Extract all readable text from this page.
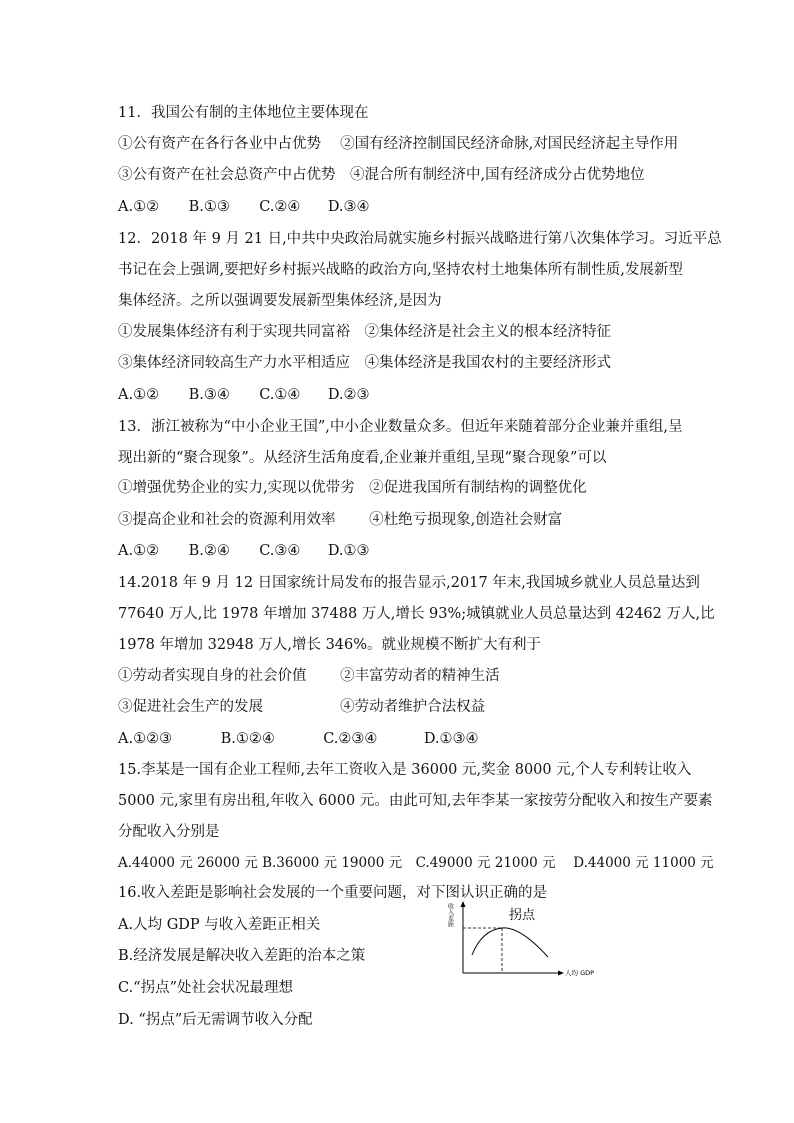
11．我国公有制的主体地位主要体现在
①公有资产在各行各业中占优势　 ②国有经济控制国民经济命脉,对国民经济起主导作用
③公有资产在社会总资产中占优势　④混合所有制经济中,国有经济成分占优势地位
A.①② B.①③ C.②④ D.③④
12．2018 年 9 月 21 日,中共中央政治局就实施乡村振兴战略进行第八次集体学习。习近平总
书记在会上强调,要把好乡村振兴战略的政治方向,坚持农村土地集体所有制性质,发展新型
集体经济。之所以强调要发展新型集体经济,是因为
①发展集体经济有利于实现共同富裕　②集体经济是社会主义的根本经济特征
③集体经济同较高生产力水平相适应　④集体经济是我国农村的主要经济形式
A.①② B.③④ C.①④ D.②③
13．浙江被称为“中小企业王国”,中小企业数量众多。但近年来随着部分企业兼并重组,呈
现出新的“聚合现象”。从经济生活角度看,企业兼并重组,呈现“聚合现象”可以
①增强优势企业的实力,实现以优带劣　②促进我国所有制结构的调整优化
③提高企业和社会的资源利用效率　　 ④杜绝亏损现象,创造社会财富
A.①② B.②④ C.③④ D.①③
14.2018 年 9 月 12 日国家统计局发布的报告显示,2017 年末,我国城乡就业人员总量达到
77640 万人,比 1978 年增加 37488 万人,增长 93%;城镇就业人员总量达到 42462 万人,比
1978 年增加 32948 万人,增长 346%。就业规模不断扩大有利于
①劳动者实现自身的社会价值　　 ②丰富劳动者的精神生活
③促进社会生产的发展　　　　　 ④劳动者维护合法权益
A.①②③	B.①②④	C.②③④	D.①③④
15.李某是一国有企业工程师,去年工资收入是 36000 元,奖金 8000 元,个人专利转让收入
5000 元,家里有房出租,年收入 6000 元。由此可知,去年李某一家按劳分配收入和按生产要素
分配收入分别是
A.44000 元 26000 元 B.36000 元 19000 元　C.49000 元 21000 元　 D.44000 元 11000 元
16.收入差距是影响社会发展的一个重要问题，对下图认识正确的是
A.人均 GDP 与收入差距正相关
B.经济发展是解决收入差距的治本之策
C.“拐点”处社会状况最理想
D. “拐点”后无需调节收入分配
拐点
人均 GDP
收入差距
